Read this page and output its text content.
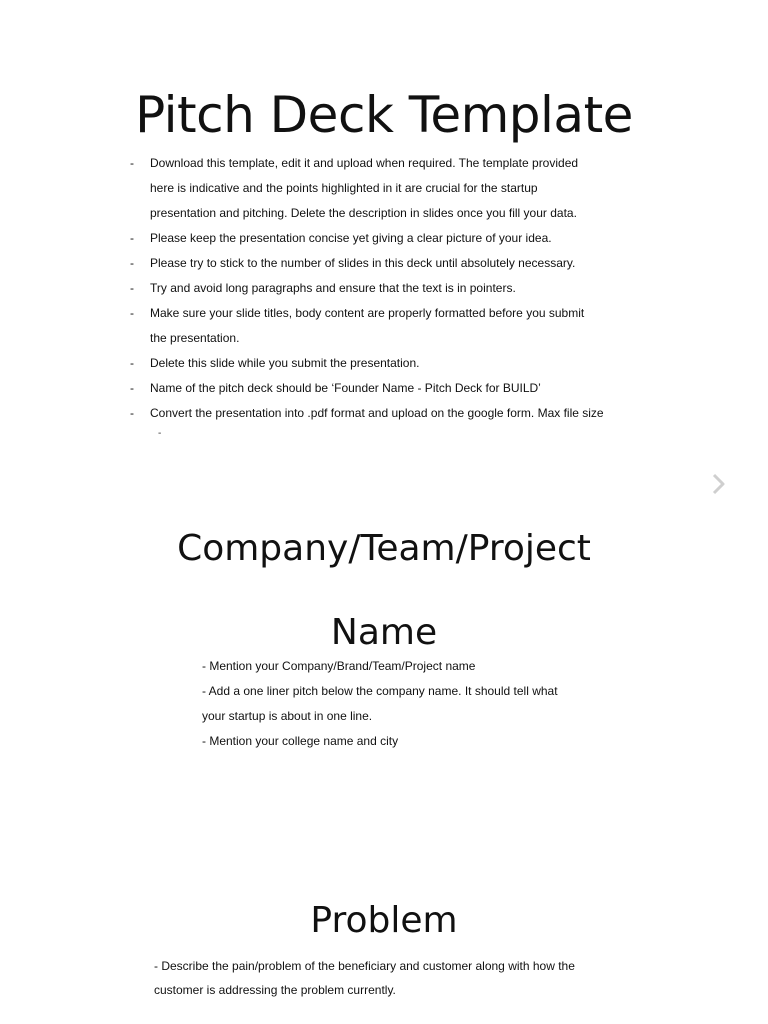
Pitch Deck Template
- Download this template, edit it and upload when required. The template provided
here is indicative and the points highlighted in it are crucial for the startup
presentation and pitching. Delete the description in slides once you fill your data.
- Please keep the presentation concise yet giving a clear picture of your idea.
- Please try to stick to the number of slides in this deck until absolutely necessary.
- Try and avoid long paragraphs and ensure that the text is in pointers.
- Make sure your slide titles, body content are properly formatted before you submit
the presentation.
- Delete this slide while you submit the presentation.
- Name of the pitch deck should be ‘Founder Name - Pitch Deck for BUILD’
- Convert the presentation into .pdf format and upload on the google form. Max file size
-
Company/Team/Project
Name
- Mention your Company/Brand/Team/Project name
- Add a one liner pitch below the company name. It should tell what
your startup is about in one line.
- Mention your college name and city
Problem
- Describe the pain/problem of the beneficiary and customer along with how the
customer is addressing the problem currently.
